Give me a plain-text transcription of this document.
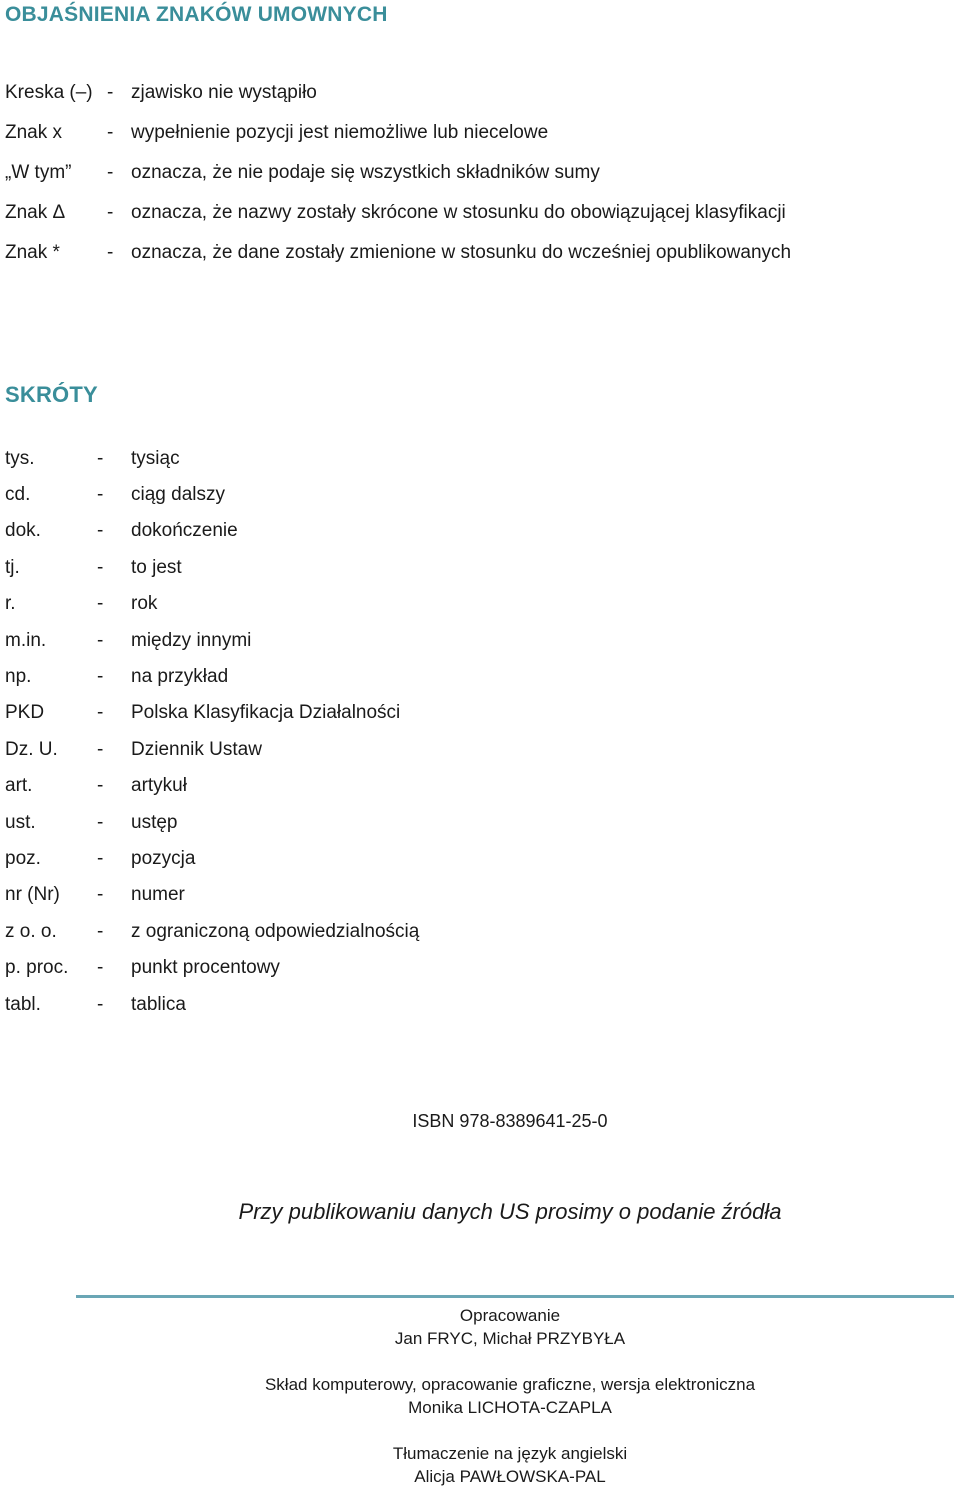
OBJAŚNIENIA ZNAKÓW UMOWNYCH
Kreska (–) - zjawisko nie wystąpiło
Znak x - wypełnienie pozycji jest niemożliwe lub niecelowe
„W tym” - oznacza, że nie podaje się wszystkich składników sumy
Znak Δ - oznacza, że nazwy zostały skrócone w stosunku do obowiązującej klasyfikacji
Znak * - oznacza, że dane zostały zmienione w stosunku do wcześniej opublikowanych
SKRÓTY
tys.	- tysiąc
cd.	- ciąg dalszy
dok.	- dokończenie
tj.	- to jest
r.	- rok
m.in.	- między innymi
np.	- na przykład
PKD	- Polska Klasyfikacja Działalności
Dz. U. - Dziennik Ustaw
art.	- artykuł
ust.	- ustęp
poz.	- pozycja
nr (Nr) - numer
z o. o. - z ograniczoną odpowiedzialnością
p. proc. - punkt procentowy
tabl.	- tablica
ISBN 978-8389641-25-0
Przy publikowaniu danych US prosimy o podanie źródła
Opracowanie
Jan FRYC, Michał PRZYBYŁA
Skład komputerowy, opracowanie graficzne, wersja elektroniczna
Monika LICHOTA-CZAPLA
Tłumaczenie na język angielski
Alicja PAWŁOWSKA-PAL
